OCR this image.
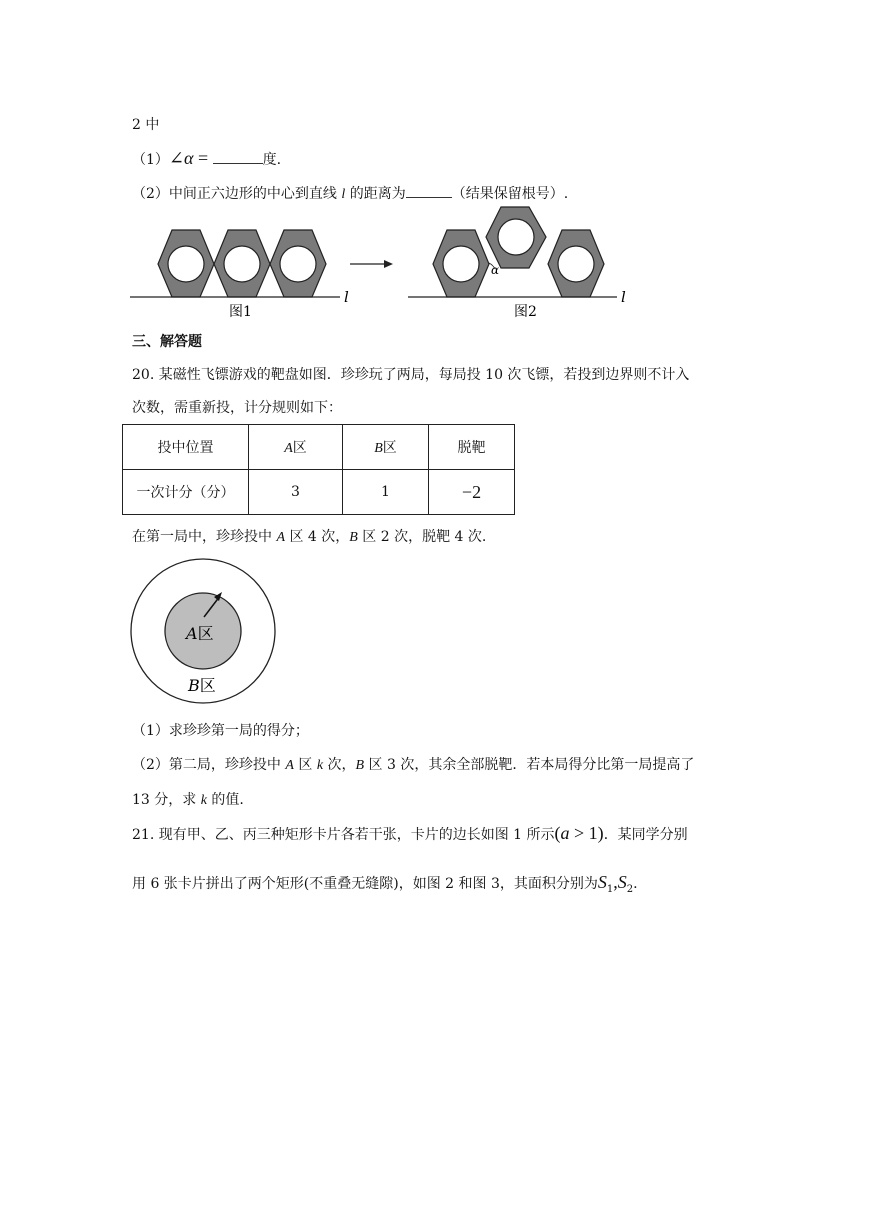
2 中
（1）∠α =	度.
（2）中间正六边形的中心到直线 l 的距离为	（结果保留根号）.
l
图1
α
l
图2
三、解答题
20. 某磁性飞镖游戏的靶盘如图．珍珍玩了两局，每局投 10 次飞镖，若投到边界则不计入
次数，需重新投，计分规则如下：
投中位置	A区	B区	脱靶
一次计分（分）	3	1	−2
在第一局中，珍珍投中 A 区 4 次，B 区 2 次，脱靶 4 次.
A区
B区
（1）求珍珍第一局的得分；
（2）第二局，珍珍投中 A 区 k 次，B 区 3 次，其余全部脱靶．若本局得分比第一局提高了
13 分，求 k 的值.
21. 现有甲、乙、丙三种矩形卡片各若干张，卡片的边长如图 1 所示(a > 1)．某同学分别
用 6 张卡片拼出了两个矩形(不重叠无缝隙)，如图 2 和图 3，其面积分别为$S_1,S_2$.
